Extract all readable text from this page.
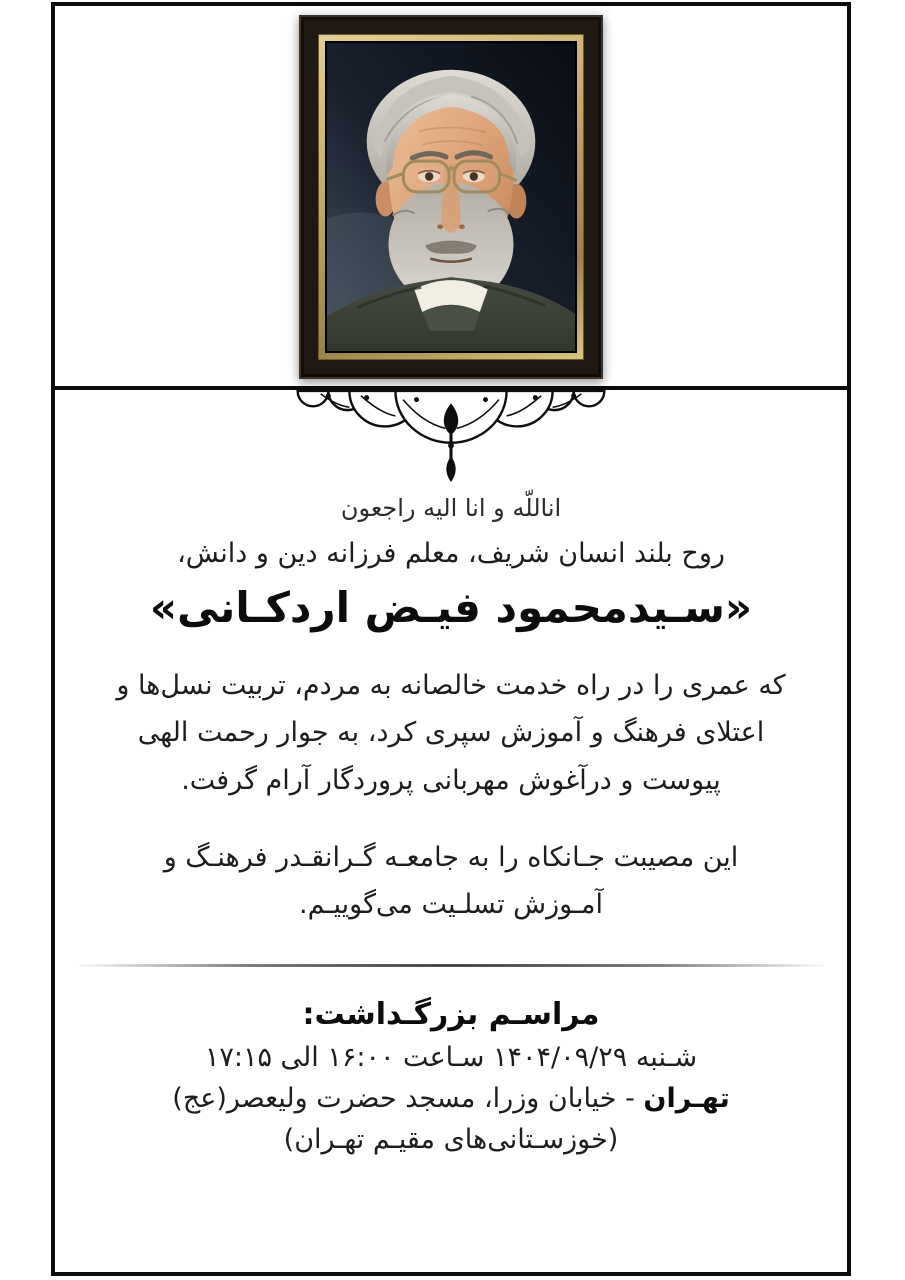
اناللّه و انا الیه راجعون
روح بلند انسان شریف، معلم فرزانه دین و دانش،
«سـیدمحمود فیـض اردکـانی»
که عمری را در راه خدمت خالصانه به مردم، تربیت نسل‌ها و اعتلای فرهنگ و آموزش سپری کرد، به جوار رحمت الهی پیوست و درآغوش مهربانی پروردگار آرام گرفت.
این مصیبت جـانکاه را به جامعـه گـرانقـدر فرهنـگ و آمـوزش تسلـیت می‌گوییـم.
مراسـم بزرگـداشت:
شـنبه ۱۴۰۴/۰۹/۲۹ سـاعت ۱۶:۰۰ الی ۱۷:۱۵
تهـران - خیابان وزرا، مسجد حضرت ولیعصر(عج)
(خوزسـتانی‌های مقیـم تهـران)
